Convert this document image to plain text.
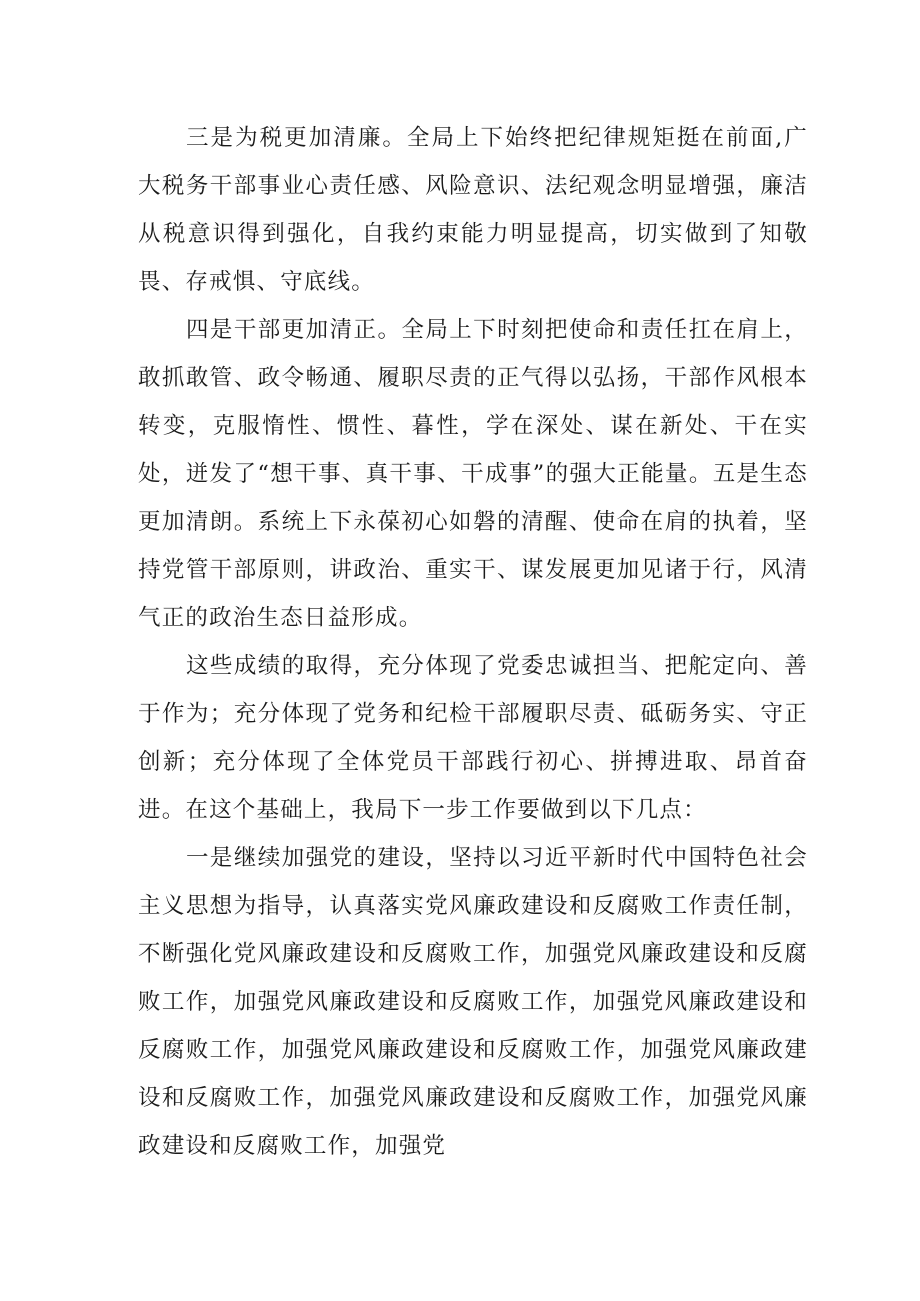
三是为税更加清廉。全局上下始终把纪律规矩挺在前面,广大税务干部事业心责任感、风险意识、法纪观念明显增强，廉洁从税意识得到强化，自我约束能力明显提高，切实做到了知敬畏、存戒惧、守底线。

四是干部更加清正。全局上下时刻把使命和责任扛在肩上，敢抓敢管、政令畅通、履职尽责的正气得以弘扬，干部作风根本转变，克服惰性、惯性、暮性，学在深处、谋在新处、干在实处，迸发了“想干事、真干事、干成事”的强大正能量。五是生态更加清朗。系统上下永葆初心如磐的清醒、使命在肩的执着，坚持党管干部原则，讲政治、重实干、谋发展更加见诸于行，风清气正的政治生态日益形成。

这些成绩的取得，充分体现了党委忠诚担当、把舵定向、善于作为；充分体现了党务和纪检干部履职尽责、砥砺务实、守正创新；充分体现了全体党员干部践行初心、拼搏进取、昂首奋进。在这个基础上，我局下一步工作要做到以下几点：

一是继续加强党的建设，坚持以习近平新时代中国特色社会主义思想为指导，认真落实党风廉政建设和反腐败工作责任制，不断强化党风廉政建设和反腐败工作，加强党风廉政建设和反腐败工作，加强党风廉政建设和反腐败工作，加强党风廉政建设和反腐败工作，加强党风廉政建设和反腐败工作，加强党风廉政建设和反腐败工作，加强党风廉政建设和反腐败工作，加强党风廉政建设和反腐败工作，加强党
